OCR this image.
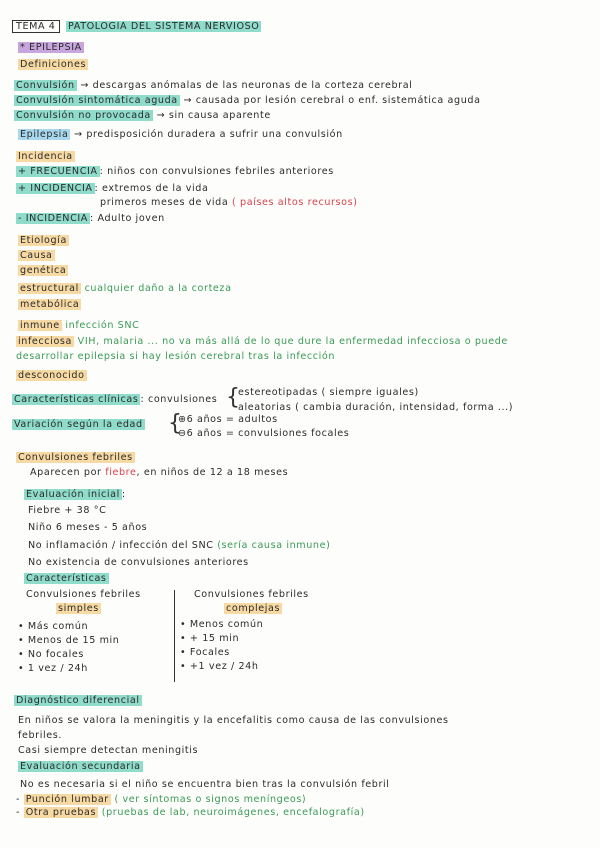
TEMA 4	PATOLOGIA DEL SISTEMA NERVIOSO
* EPILEPSIA
Definiciones
Convulsión → descargas anómalas de las neuronas de la corteza cerebral
Convulsión sintomática aguda → causada por lesión cerebral o enf. sistemática aguda
Convulsión no provocada → sin causa aparente
Epilepsia → predisposición duradera a sufrir una convulsión
Incidencia
+ FRECUENCIA : niños con convulsiones febriles anteriores
+ INCIDENCIA : extremos de la vida
primeros meses de vida ( países altos recursos)
- INCIDENCIA : Adulto joven
Etiología
Causa
genética
estructural cualquier daño a la corteza
metabólica
inmune infección SNC
infecciosa VIH, malaria ... no va más allá de lo que dure la enfermedad infecciosa o puede
desarrollar epilepsia si hay lesión cerebral tras la infección
desconocido
Características clínicas : convulsiones {
estereotipadas ( siempre iguales)
aleatorias ( cambia duración, intensidad, forma ...)
Variación según la edad {
⊕6 años = adultos
⊖6 años = convulsiones focales
Convulsiones febriles
Aparecen por fiebre, en niños de 12 a 18 meses
Evaluación inicial :
Fiebre + 38 °C
Niño 6 meses - 5 años
No inflamación / infección del SNC (sería causa inmune)
No existencia de convulsiones anteriores
Características
Convulsiones febriles
simples
• Más común
• Menos de 15 min
• No focales
• 1 vez / 24h
Convulsiones febriles
complejas
• Menos común
• + 15 min
• Focales
• +1 vez / 24h
Diagnóstico diferencial
En niños se valora la meningitis y la encefalitis como causa de las convulsiones
febriles.
Casi siempre detectan meningitis
Evaluación secundaria
No es necesaria si el niño se encuentra bien tras la convulsión febril
- Punción lumbar ( ver síntomas o signos meníngeos)
- Otra pruebas (pruebas de lab, neuroimágenes, encefalografía)
